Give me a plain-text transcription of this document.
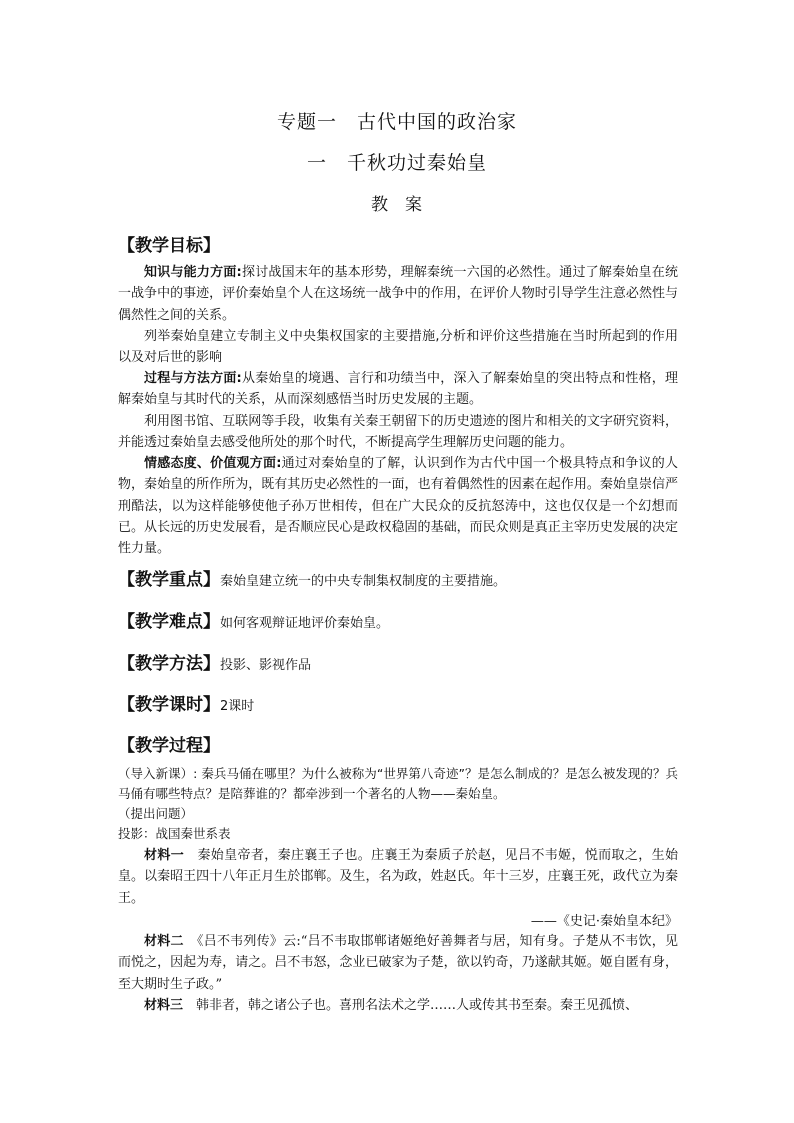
专题一　古代中国的政治家
一　千秋功过秦始皇
教 案
【教学目标】
知识与能力方面:探讨战国末年的基本形势，理解秦统一六国的必然性。通过了解秦始皇在统一战争中的事迹，评价秦始皇个人在这场统一战争中的作用，在评价人物时引导学生注意必然性与偶然性之间的关系。
列举秦始皇建立专制主义中央集权国家的主要措施,分析和评价这些措施在当时所起到的作用以及对后世的影响
过程与方法方面:从秦始皇的境遇、言行和功绩当中，深入了解秦始皇的突出特点和性格，理解秦始皇与其时代的关系，从而深刻感悟当时历史发展的主题。
利用图书馆、互联网等手段，收集有关秦王朝留下的历史遗迹的图片和相关的文字研究资料，并能透过秦始皇去感受他所处的那个时代，不断提高学生理解历史问题的能力。
情感态度、价值观方面:通过对秦始皇的了解，认识到作为古代中国一个极具特点和争议的人物，秦始皇的所作所为，既有其历史必然性的一面，也有着偶然性的因素在起作用。秦始皇崇信严刑酷法，以为这样能够使他子孙万世相传，但在广大民众的反抗怒涛中，这也仅仅是一个幻想而已。从长远的历史发展看，是否顺应民心是政权稳固的基础，而民众则是真正主宰历史发展的决定性力量。
【教学重点】秦始皇建立统一的中央专制集权制度的主要措施。
【教学难点】如何客观辩证地评价秦始皇。
【教学方法】投影、影视作品
【教学课时】2课时
【教学过程】
（导入新课）: 秦兵马俑在哪里？为什么被称为“世界第八奇迹”？是怎么制成的？是怎么被发现的？兵马俑有哪些特点？是陪葬谁的？都牵涉到一个著名的人物——秦始皇。
（提出问题）
投影：战国秦世系表
材料一　 秦始皇帝者，秦庄襄王子也。庄襄王为秦质子於赵，见吕不韦姬，悦而取之，生始皇。以秦昭王四十八年正月生於邯郸。及生，名为政，姓赵氏。年十三岁，庄襄王死，政代立为秦王。
——《史记·秦始皇本纪》
材料二　 《吕不韦列传》云:“吕不韦取邯郸诸姬绝好善舞者与居，知有身。子楚从不韦饮，见而悦之，因起为寿，请之。吕不韦怒，念业已破家为子楚，欲以钓奇，乃遂献其姬。姬自匿有身，至大期时生子政。”
材料三　 韩非者，韩之诸公子也。喜刑名法术之学……人或传其书至秦。秦王见孤愤、
